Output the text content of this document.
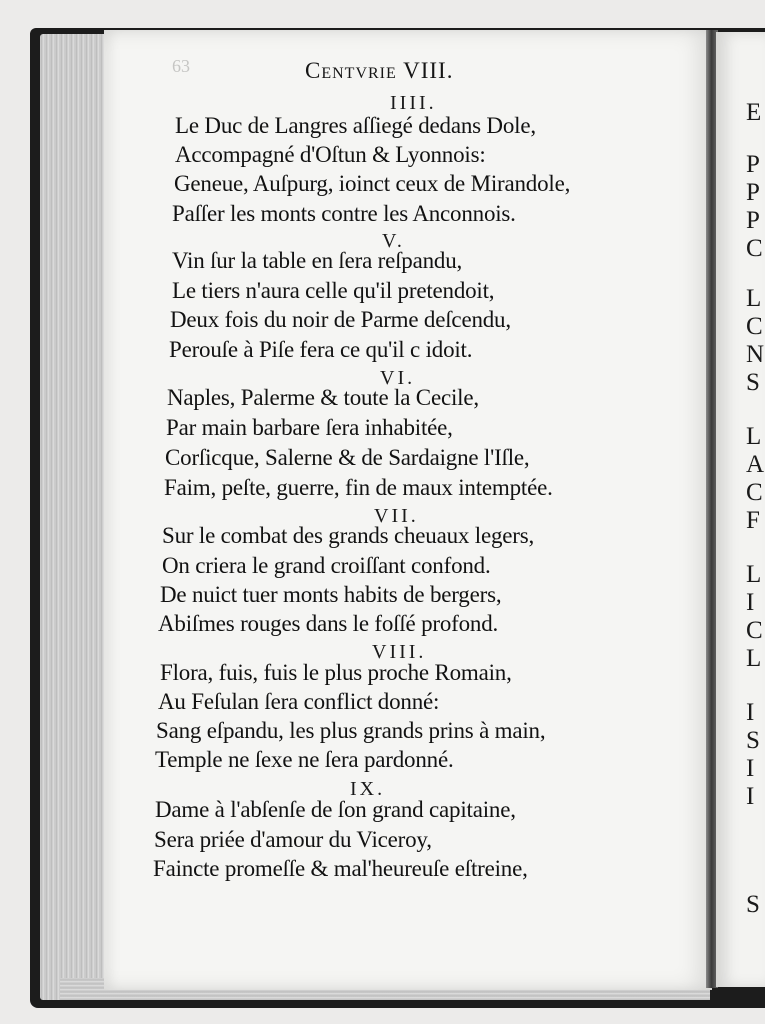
E
P
P
P
C
L
C
N
S
L
A
C
F
L
I
C
L
I
S
I
I
S
63	Centvrie VIII.
IIII.
Le Duc de Langres aſſiegé dedans Dole,
Accompagné d'Oſtun & Lyonnois:
Geneue, Auſpurg, ioinct ceux de Mirandole,
Paſſer les monts contre les Anconnois.
V.
Vin ſur la table en ſera reſpandu,
Le tiers n'aura celle qu'il pretendoit,
Deux fois du noir de Parme deſcendu,
Perouſe à Piſe fera ce qu'il c idoit.
VI.
Naples, Palerme & toute la Cecile,
Par main barbare ſera inhabitée,
Corſicque, Salerne & de Sardaigne l'Iſle,
Faim, peſte, guerre, fin de maux intemptée.
VII.
Sur le combat des grands cheuaux legers,
On criera le grand croiſſant confond.
De nuict tuer monts habits de bergers,
Abiſmes rouges dans le foſſé profond.
VIII.
Flora, fuis, fuis le plus proche Romain,
Au Feſulan ſera conflict donné:
Sang eſpandu, les plus grands prins à main,
Temple ne ſexe ne ſera pardonné.
IX.
Dame à l'abſenſe de ſon grand capitaine,
Sera priée d'amour du Viceroy,
Faincte promeſſe & mal'heureuſe eſtreine,
